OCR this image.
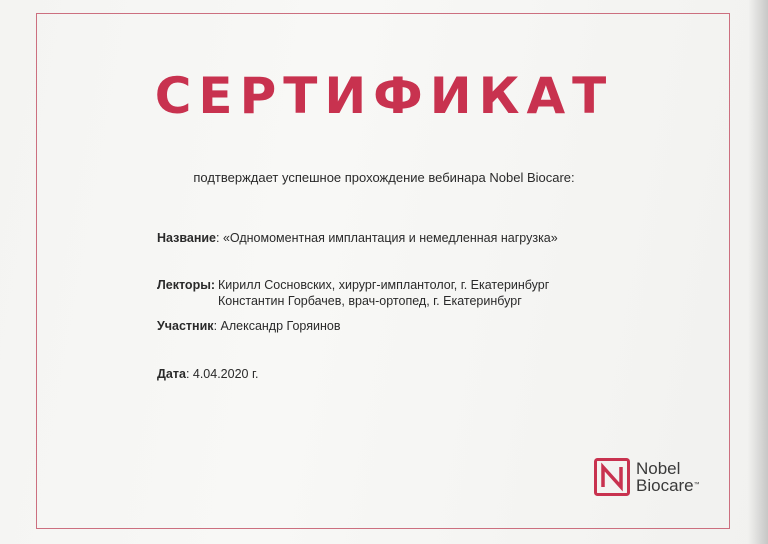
СЕРТИФИКАТ
подтверждает успешное прохождение вебинара Nobel Biocare:
Название: «Одномоментная имплантация и немедленная нагрузка»
Лекторы: Кирилл Сосновских, хирург-имплантолог, г. Екатеринбург
Константин Горбачев, врач-ортопед, г. Екатеринбург
Участник: Александр Горяинов
Дата: 4.04.2020 г.
Nobel
Biocare™
